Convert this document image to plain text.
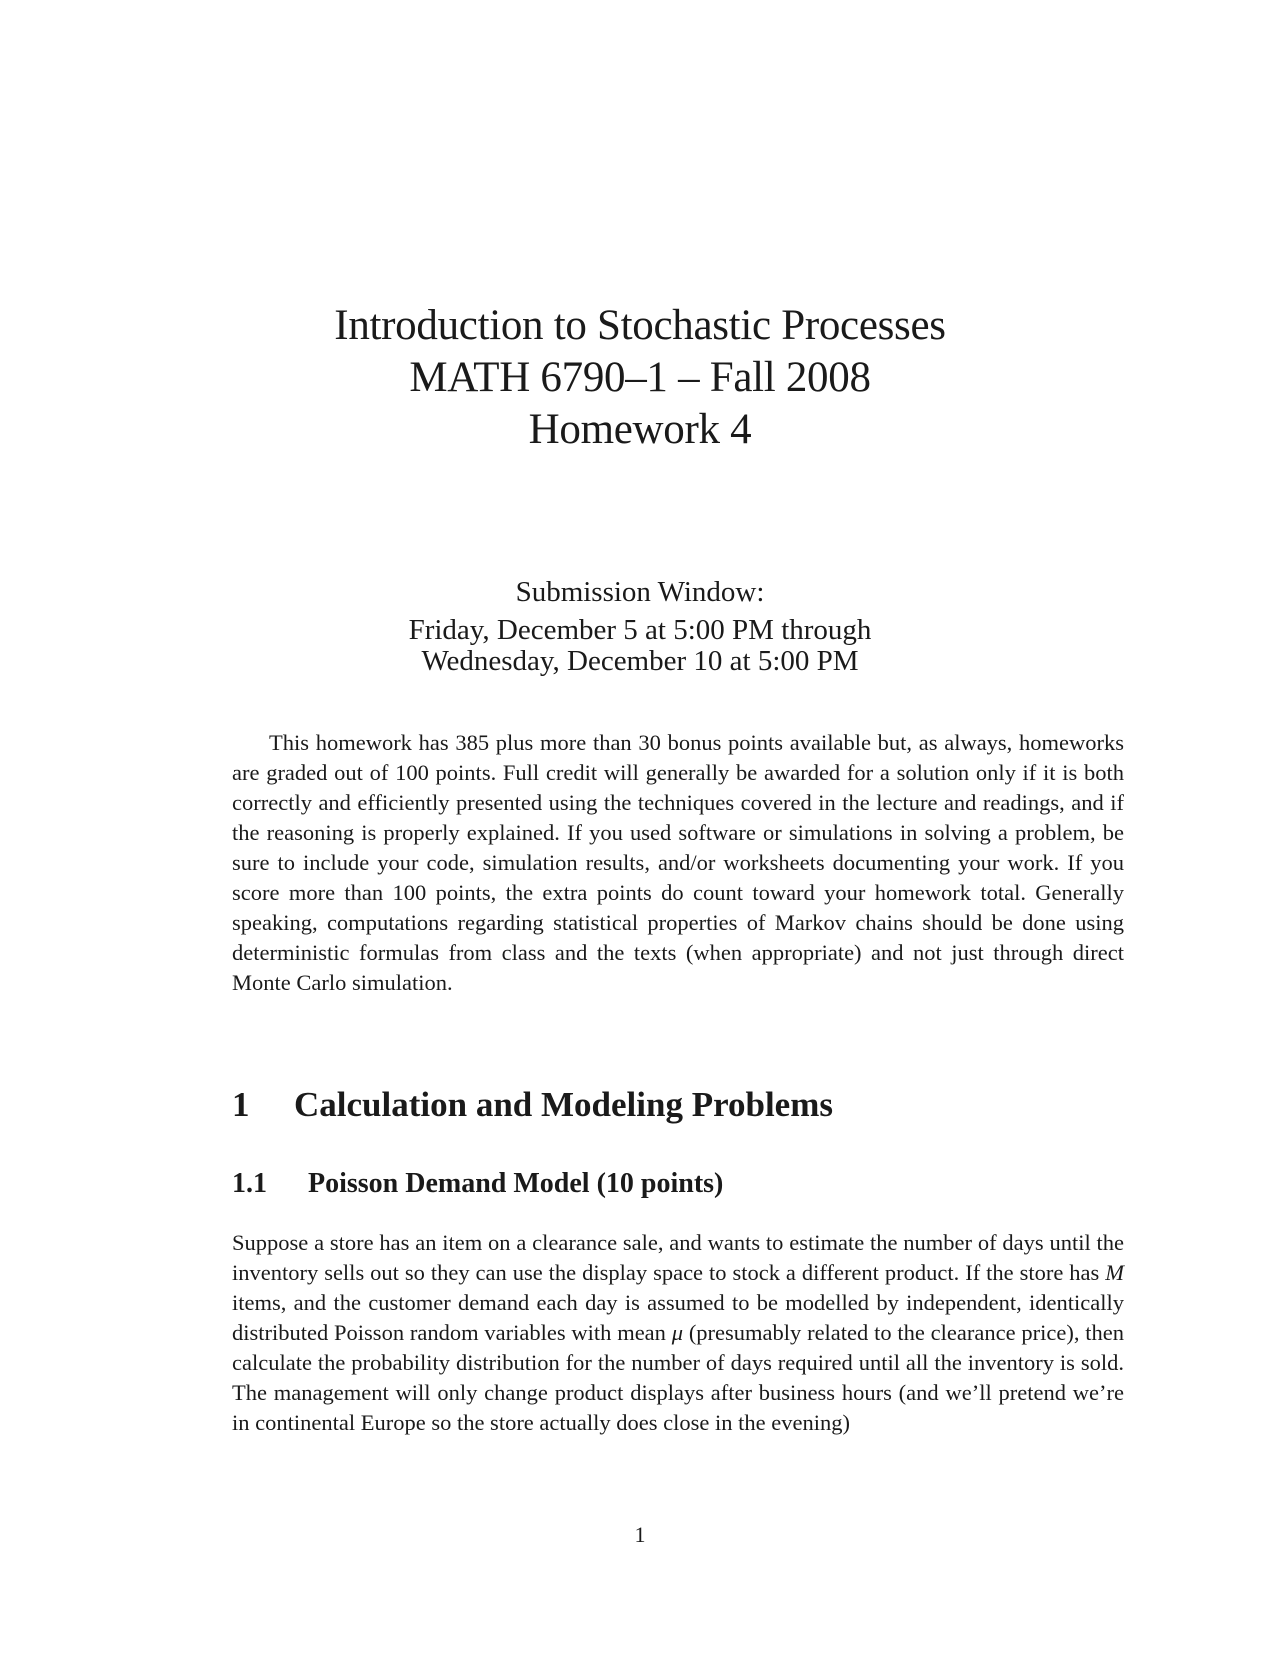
Introduction to Stochastic Processes
MATH 6790–1 – Fall 2008
Homework 4
Submission Window:
Friday, December 5 at 5:00 PM through
Wednesday, December 10 at 5:00 PM

This homework has 385 plus more than 30 bonus points available but, as always, homeworks are graded out of 100 points. Full credit will generally be awarded for a solution only if it is both correctly and efficiently presented using the techniques covered in the lecture and readings, and if the reasoning is properly explained. If you used software or simulations in solving a problem, be sure to include your code, simulation results, and/or worksheets documenting your work. If you score more than 100 points, the extra points do count toward your homework total. Generally speaking, computations regarding statistical properties of Markov chains should be done using deterministic formulas from class and the texts (when appropriate) and not just through direct Monte Carlo simulation.

1 Calculation and Modeling Problems
1.1 Poisson Demand Model (10 points)

Suppose a store has an item on a clearance sale, and wants to estimate the number of days until the inventory sells out so they can use the display space to stock a different product. If the store has M items, and the customer demand each day is assumed to be modelled by independent, identically distributed Poisson random variables with mean μ (presumably related to the clearance price), then calculate the probability distribution for the number of days required until all the inventory is sold. The management will only change product displays after business hours (and we’ll pretend we’re in continental Europe so the store actually does close in the evening)

1
